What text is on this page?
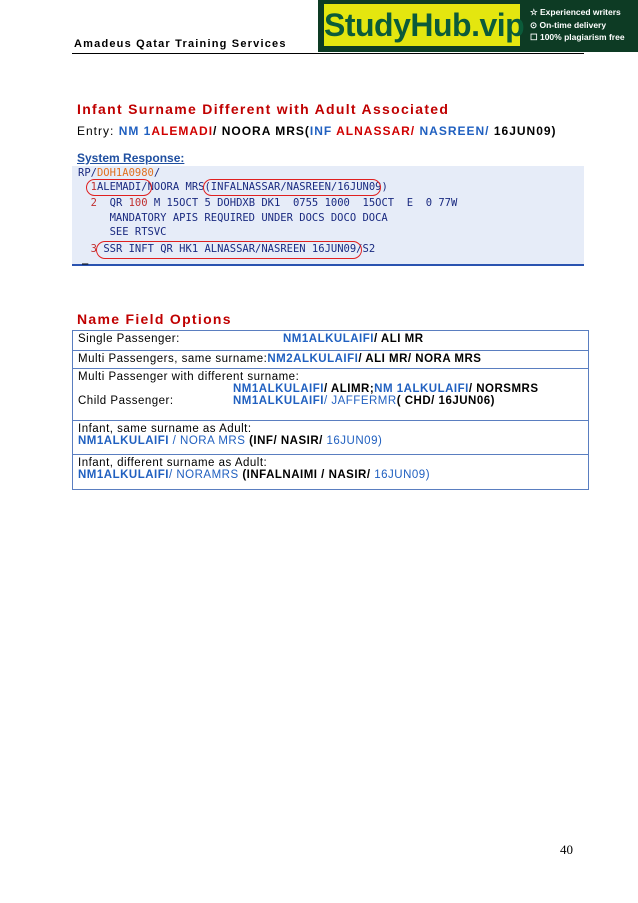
Amadeus Qatar Training Services
StudyHub.vip ☆ Experienced writers
⊙ On-time delivery
☐ 100% plagiarism free
Infant Surname Different with Adult Associated
Entry: NM 1ALEMADI/ NOORA MRS(INF ALNASSAR/ NASREEN/ 16JUN09)
System Response:
RP/DOH1A0980/
1ALEMADI/NOORA MRS(INFALNASSAR/NASREEN/16JUN09)
2  QR 100 M 15OCT 5 DOHDXB DK1  0755 1000  15OCT  E  0 77W
MANDATORY APIS REQUIRED UNDER DOCS DOCO DOCA
SEE RTSVC
3 SSR INFT QR HK1 ALNASSAR/NASREEN 16JUN09/S2
_
Name Field Options
Single Passenger:	NM1ALKULAIFI/ ALI MR
Multi Passengers, same surname:NM2ALKULAIFI/ ALI MR/ NORA MRS
Multi Passenger with different surname:
NM1ALKULAIFI/ ALIMR;NM 1ALKULAIFI/ NORSMRS
Child Passenger:	NM1ALKULAIFI/ JAFFERMR( CHD/ 16JUN06)
Infant, same surname as Adult:
NM1ALKULAIFI / NORA MRS (INF/ NASIR/ 16JUN09)
Infant, different surname as Adult:
NM1ALKULAIFI/ NORAMRS (INFALNAIMI / NASIR/ 16JUN09)
40
